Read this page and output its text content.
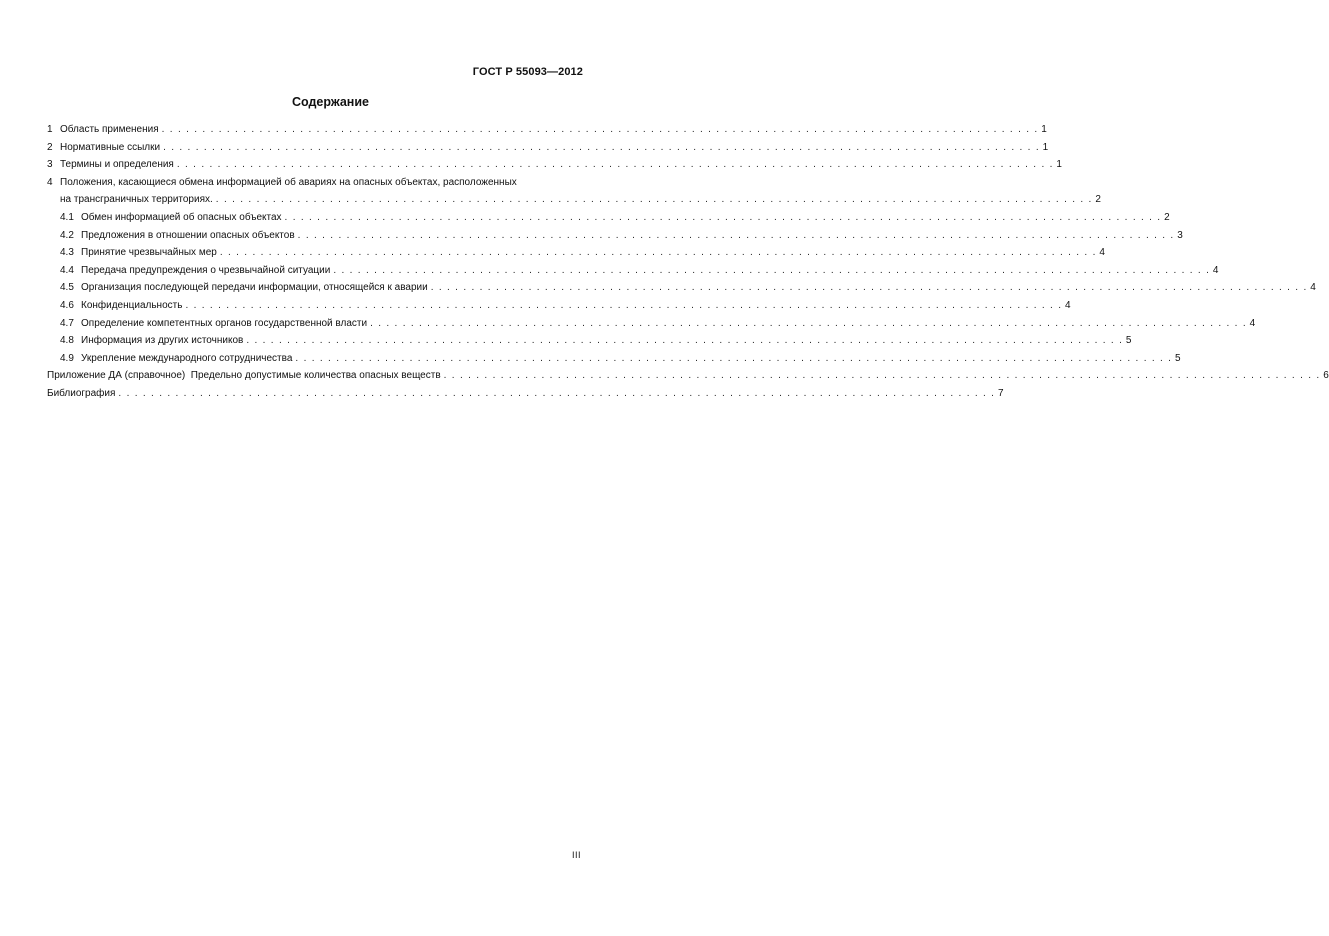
ГОСТ Р 55093—2012
Содержание
1 Область применения . . .	1
2 Нормативные ссылки . . .	1
3 Термины и определения . . .	1
4 Положения, касающиеся обмена информацией об авариях на опасных объектах, расположенных
на трансграничных территориях. . . .	2
4.1 Обмен информацией об опасных объектах . . .	2
4.2 Предложения в отношении опасных объектов . . .	3
4.3 Принятие чрезвычайных мер . . .	4
4.4 Передача предупреждения о чрезвычайной ситуации . . .	4
4.5 Организация последующей передачи информации, относящейся к аварии . . .	4
4.6 Конфиденциальность . . .	4
4.7 Определение компетентных органов государственной власти . . .	4
4.8 Информация из других источников . . .	5
4.9 Укрепление международного сотрудничества . . .	5
Приложение ДА (справочное)  Предельно допустимые количества опасных веществ . . .	6
Библиография . . .	7
III
